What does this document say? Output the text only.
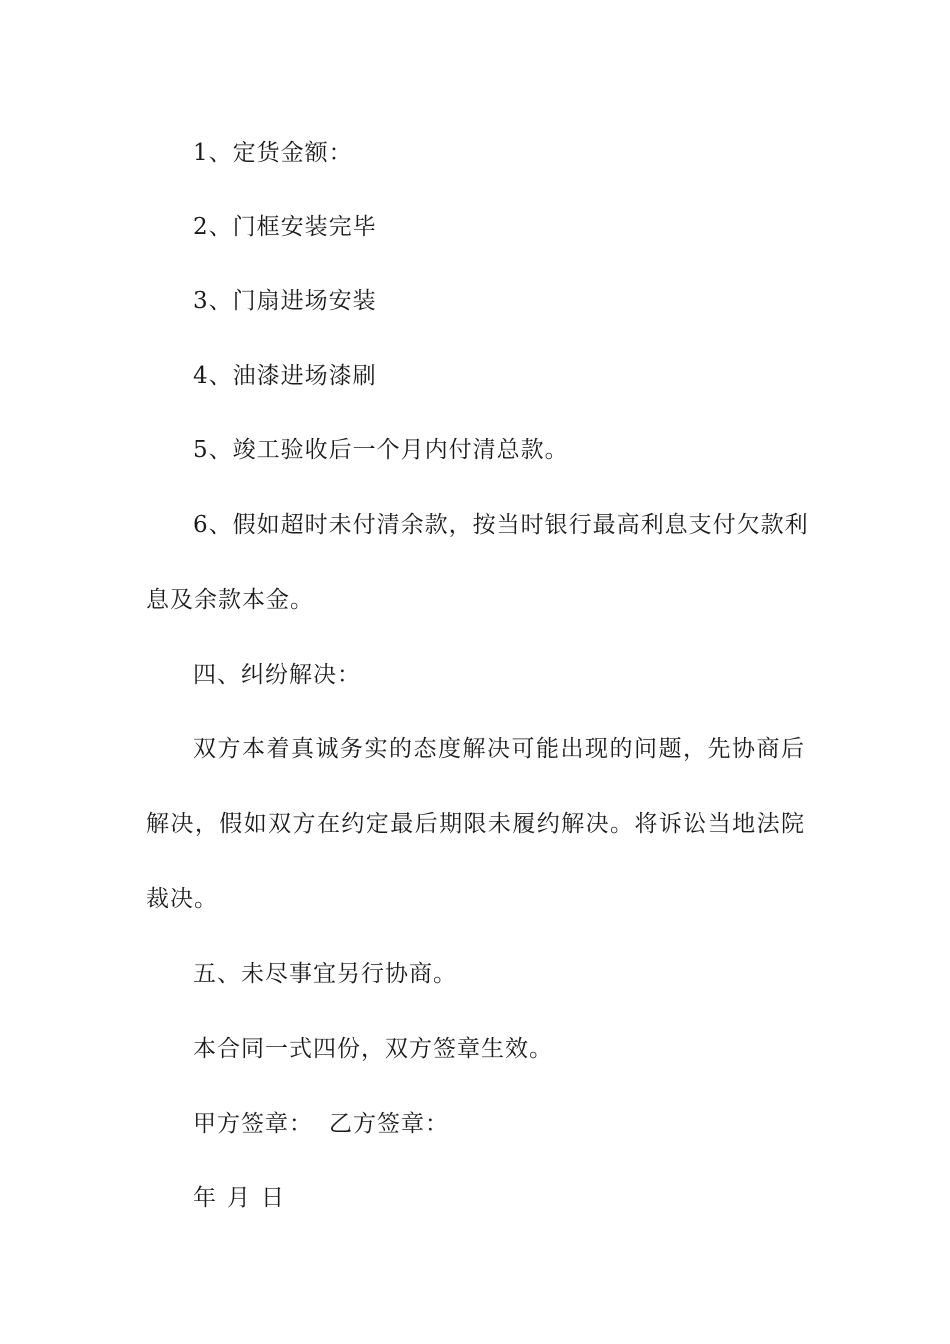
1、定货金额：
2、门框安装完毕
3、门扇进场安装
4、油漆进场漆刷
5、竣工验收后一个月内付清总款。
6、假如超时未付清余款，按当时银行最高利息支付欠款利
息及余款本金。
四、纠纷解决：
双方本着真诚务实的态度解决可能出现的问题，先协商后
解决，假如双方在约定最后期限未履约解决。将诉讼当地法院
裁决。
五、未尽事宜另行协商。
本合同一式四份，双方签章生效。
甲方签章： 乙方签章：
年 月 日
